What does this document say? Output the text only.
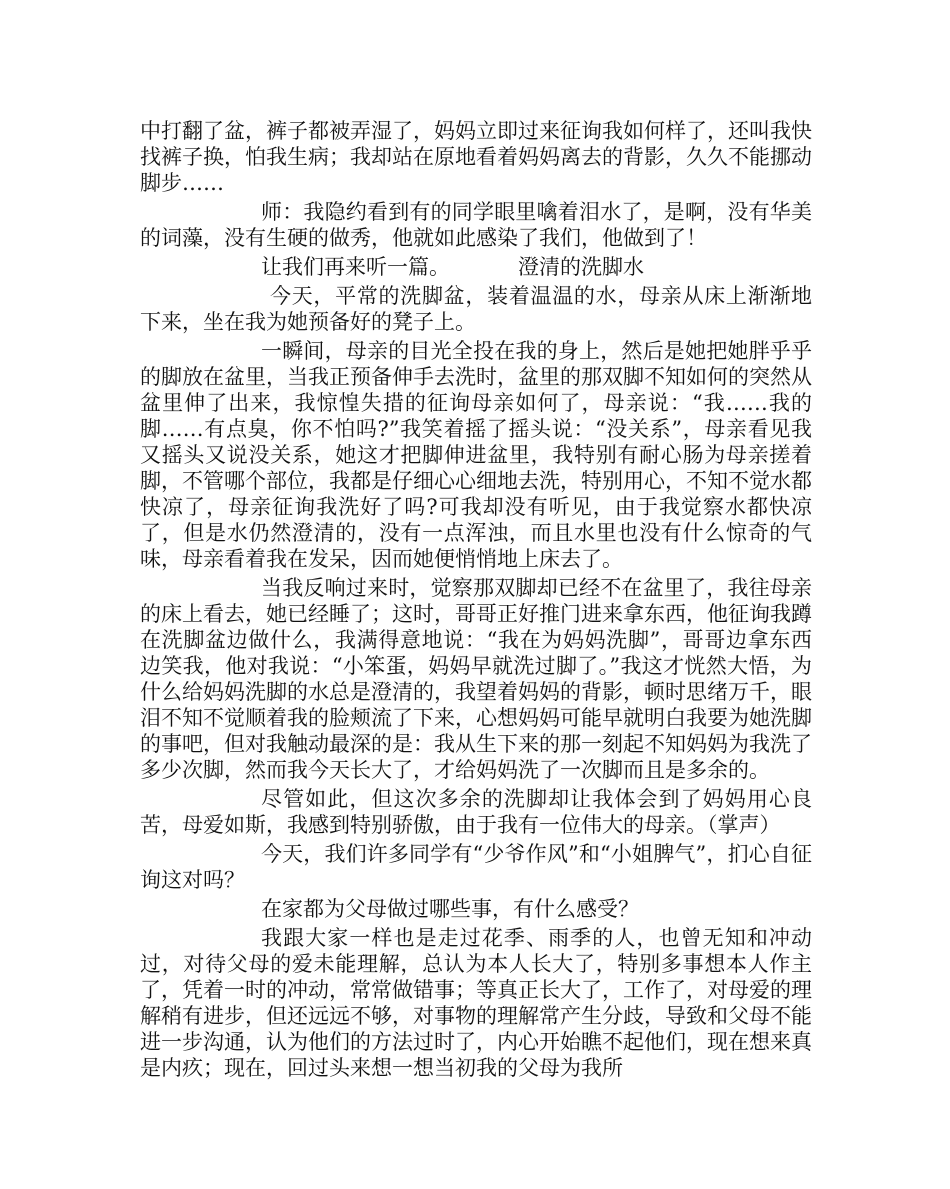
中打翻了盆，裤子都被弄湿了，妈妈立即过来征询我如何样了，还叫我快找裤子换，怕我生病；我却站在原地看着妈妈离去的背影，久久不能挪动脚步……

师：我隐约看到有的同学眼里噙着泪水了，是啊，没有华美的词藻，没有生硬的做秀，他就如此感染了我们，他做到了！

让我们再来听一篇。	澄清的洗脚水

今天，平常的洗脚盆，装着温温的水，母亲从床上渐渐地下来，坐在我为她预备好的凳子上。

一瞬间，母亲的目光全投在我的身上，然后是她把她胖乎乎的脚放在盆里，当我正预备伸手去洗时，盆里的那双脚不知如何的突然从盆里伸了出来，我惊惶失措的征询母亲如何了，母亲说：“我……我的脚……有点臭，你不怕吗?”我笑着摇了摇头说：“没关系”，母亲看见我又摇头又说没关系，她这才把脚伸进盆里，我特别有耐心肠为母亲搓着脚，不管哪个部位，我都是仔细心心细地去洗，特别用心，不知不觉水都快凉了，母亲征询我洗好了吗?可我却没有听见，由于我觉察水都快凉了，但是水仍然澄清的，没有一点浑浊，而且水里也没有什么惊奇的气味，母亲看着我在发呆，因而她便悄悄地上床去了。

当我反响过来时，觉察那双脚却已经不在盆里了，我往母亲的床上看去，她已经睡了；这时，哥哥正好推门进来拿东西，他征询我蹲在洗脚盆边做什么，我满得意地说：“我在为妈妈洗脚”，哥哥边拿东西边笑我，他对我说：“小笨蛋，妈妈早就洗过脚了。”我这才恍然大悟，为什么给妈妈洗脚的水总是澄清的，我望着妈妈的背影，顿时思绪万千，眼泪不知不觉顺着我的脸颊流了下来，心想妈妈可能早就明白我要为她洗脚的事吧，但对我触动最深的是：我从生下来的那一刻起不知妈妈为我洗了多少次脚，然而我今天长大了，才给妈妈洗了一次脚而且是多余的。

尽管如此，但这次多余的洗脚却让我体会到了妈妈用心良苦，母爱如斯，我感到特别骄傲，由于我有一位伟大的母亲。（掌声）

今天，我们许多同学有“少爷作风”和“小姐脾气”，扪心自征询这对吗？

在家都为父母做过哪些事，有什么感受？

我跟大家一样也是走过花季、雨季的人，也曾无知和冲动过，对待父母的爱未能理解，总认为本人长大了，特别多事想本人作主了，凭着一时的冲动，常常做错事；等真正长大了，工作了，对母爱的理解稍有进步，但还远远不够，对事物的理解常产生分歧，导致和父母不能进一步沟通，认为他们的方法过时了，内心开始瞧不起他们，现在想来真是内疚；现在，回过头来想一想当初我的父母为我所
